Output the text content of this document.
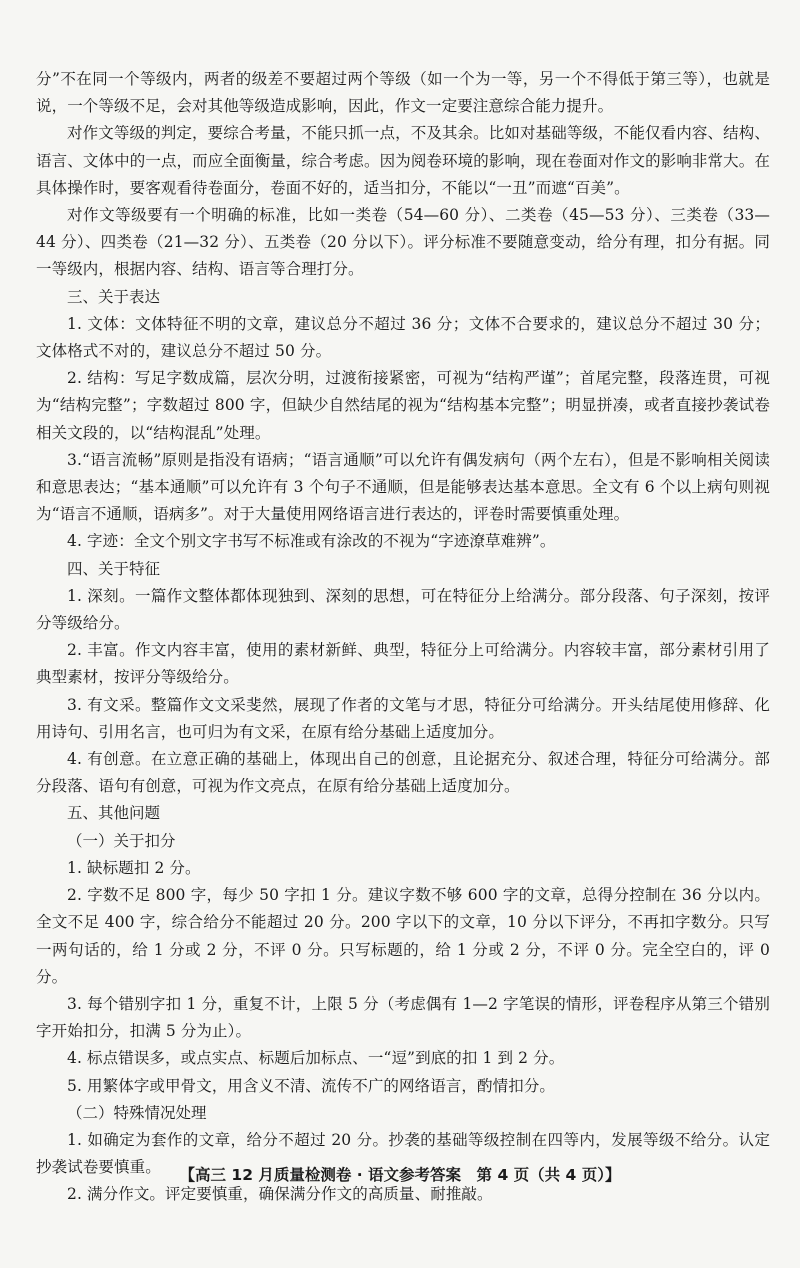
分”不在同一个等级内，两者的级差不要超过两个等级（如一个为一等，另一个不得低于第三等），也就是说，一个等级不足，会对其他等级造成影响，因此，作文一定要注意综合能力提升。

对作文等级的判定，要综合考量，不能只抓一点，不及其余。比如对基础等级，不能仅看内容、结构、语言、文体中的一点，而应全面衡量，综合考虑。因为阅卷环境的影响，现在卷面对作文的影响非常大。在具体操作时，要客观看待卷面分，卷面不好的，适当扣分，不能以“一丑”而遮“百美”。

对作文等级要有一个明确的标准，比如一类卷（54—60 分）、二类卷（45—53 分）、三类卷（33—44 分）、四类卷（21—32 分）、五类卷（20 分以下）。评分标准不要随意变动，给分有理，扣分有据。同一等级内，根据内容、结构、语言等合理打分。

三、关于表达

1. 文体：文体特征不明的文章，建议总分不超过 36 分；文体不合要求的，建议总分不超过 30 分；文体格式不对的，建议总分不超过 50 分。

2. 结构：写足字数成篇，层次分明，过渡衔接紧密，可视为“结构严谨”；首尾完整，段落连贯，可视为“结构完整”；字数超过 800 字，但缺少自然结尾的视为“结构基本完整”；明显拼凑，或者直接抄袭试卷相关文段的，以“结构混乱”处理。

3.“语言流畅”原则是指没有语病；“语言通顺”可以允许有偶发病句（两个左右），但是不影响相关阅读和意思表达；“基本通顺”可以允许有 3 个句子不通顺，但是能够表达基本意思。全文有 6 个以上病句则视为“语言不通顺，语病多”。对于大量使用网络语言进行表达的，评卷时需要慎重处理。

4. 字迹：全文个别文字书写不标准或有涂改的不视为“字迹潦草难辨”。

四、关于特征

1. 深刻。一篇作文整体都体现独到、深刻的思想，可在特征分上给满分。部分段落、句子深刻，按评分等级给分。

2. 丰富。作文内容丰富，使用的素材新鲜、典型，特征分上可给满分。内容较丰富，部分素材引用了典型素材，按评分等级给分。

3. 有文采。整篇作文文采斐然，展现了作者的文笔与才思，特征分可给满分。开头结尾使用修辞、化用诗句、引用名言，也可归为有文采，在原有给分基础上适度加分。

4. 有创意。在立意正确的基础上，体现出自己的创意，且论据充分、叙述合理，特征分可给满分。部分段落、语句有创意，可视为作文亮点，在原有给分基础上适度加分。

五、其他问题

（一）关于扣分

1. 缺标题扣 2 分。

2. 字数不足 800 字，每少 50 字扣 1 分。建议字数不够 600 字的文章，总得分控制在 36 分以内。全文不足 400 字，综合给分不能超过 20 分。200 字以下的文章，10 分以下评分，不再扣字数分。只写一两句话的，给 1 分或 2 分，不评 0 分。只写标题的，给 1 分或 2 分，不评 0 分。完全空白的，评 0 分。

3. 每个错别字扣 1 分，重复不计，上限 5 分（考虑偶有 1—2 字笔误的情形，评卷程序从第三个错别字开始扣分，扣满 5 分为止）。

4. 标点错误多，或点实点、标题后加标点、一“逗”到底的扣 1 到 2 分。

5. 用繁体字或甲骨文，用含义不清、流传不广的网络语言，酌情扣分。

（二）特殊情况处理

1. 如确定为套作的文章，给分不超过 20 分。抄袭的基础等级控制在四等内，发展等级不给分。认定抄袭试卷要慎重。

2. 满分作文。评定要慎重，确保满分作文的高质量、耐推敲。

【高三 12 月质量检测卷 · 语文参考答案　第 4 页（共 4 页）】
